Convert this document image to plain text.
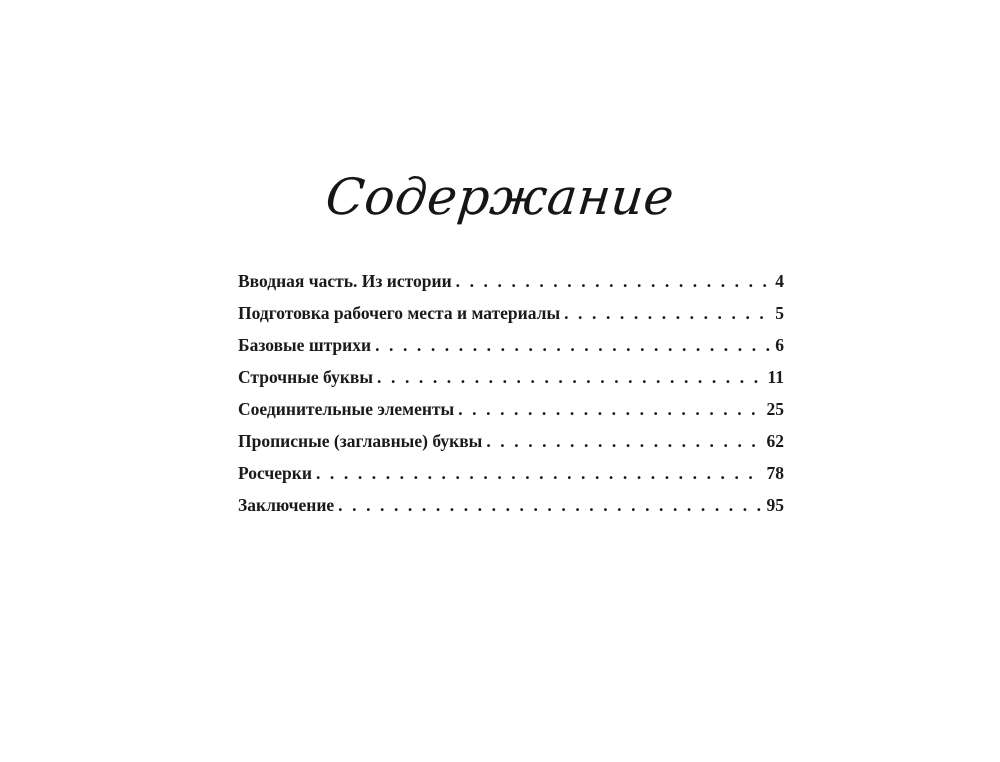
Содержание
Вводная часть. Из истории . . .	4
Подготовка рабочего места и материалы . . .	5
Базовые штрихи . . .	6
Строчные буквы . . .	11
Соединительные элементы . . .	25
Прописные (заглавные) буквы . . .	62
Росчерки . . .	78
Заключение . . .	95
